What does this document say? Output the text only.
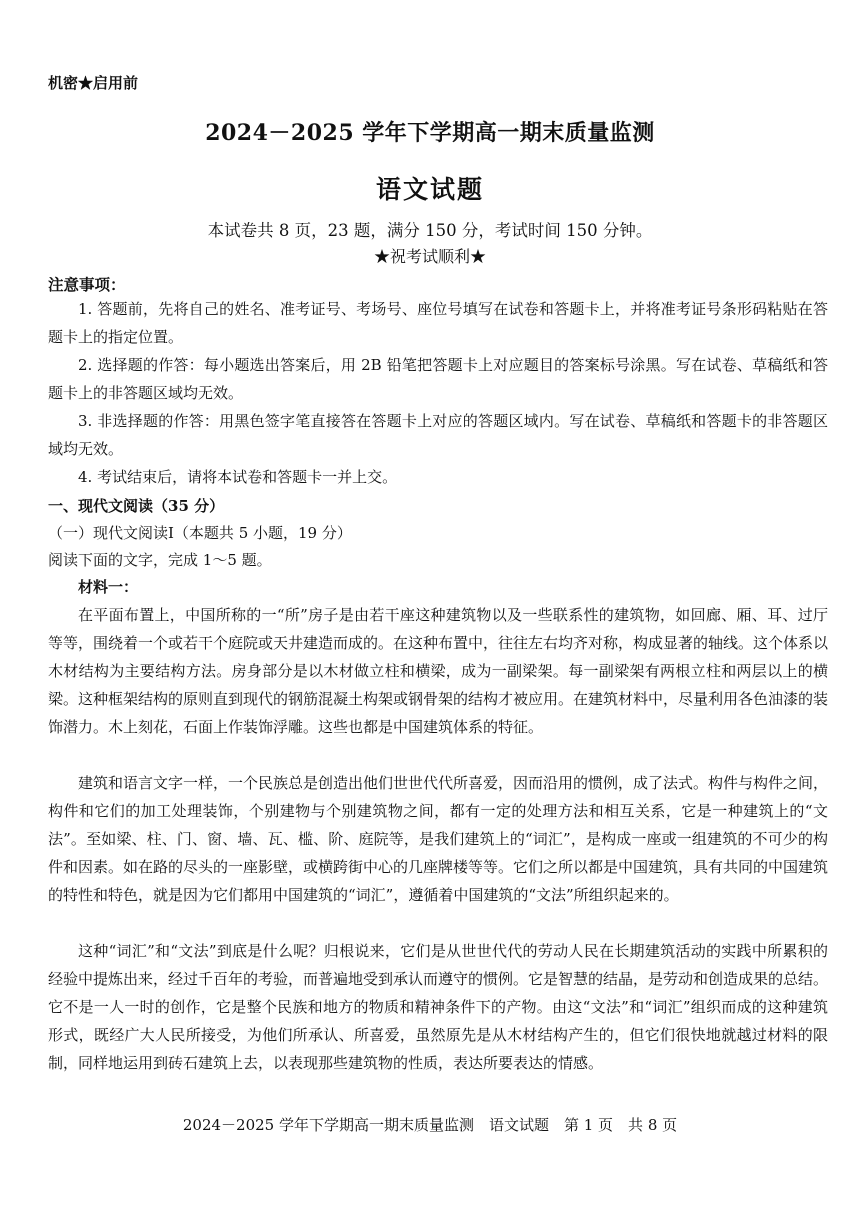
机密★启用前
2024－2025 学年下学期高一期末质量监测
语文试题
本试卷共 8 页，23 题，满分 150 分，考试时间 150 分钟。
★祝考试顺利★
注意事项：
1. 答题前，先将自己的姓名、准考证号、考场号、座位号填写在试卷和答题卡上，并将准考证号条形码粘贴在答题卡上的指定位置。
2. 选择题的作答：每小题选出答案后，用 2B 铅笔把答题卡上对应题目的答案标号涂黑。写在试卷、草稿纸和答题卡上的非答题区域均无效。
3. 非选择题的作答：用黑色签字笔直接答在答题卡上对应的答题区域内。写在试卷、草稿纸和答题卡的非答题区域均无效。
4. 考试结束后，请将本试卷和答题卡一并上交。
一、现代文阅读（35 分）
（一）现代文阅读Ⅰ（本题共 5 小题，19 分）
阅读下面的文字，完成 1～5 题。
材料一：
在平面布置上，中国所称的一“所”房子是由若干座这种建筑物以及一些联系性的建筑物，如回廊、厢、耳、过厅等等，围绕着一个或若干个庭院或天井建造而成的。在这种布置中，往往左右均齐对称，构成显著的轴线。这个体系以木材结构为主要结构方法。房身部分是以木材做立柱和横梁，成为一副梁架。每一副梁架有两根立柱和两层以上的横梁。这种框架结构的原则直到现代的钢筋混凝土构架或钢骨架的结构才被应用。在建筑材料中，尽量利用各色油漆的装饰潜力。木上刻花，石面上作装饰浮雕。这些也都是中国建筑体系的特征。
建筑和语言文字一样，一个民族总是创造出他们世世代代所喜爱，因而沿用的惯例，成了法式。构件与构件之间，构件和它们的加工处理装饰，个别建物与个别建筑物之间，都有一定的处理方法和相互关系，它是一种建筑上的“文法”。至如梁、柱、门、窗、墙、瓦、槛、阶、庭院等，是我们建筑上的“词汇”，是构成一座或一组建筑的不可少的构件和因素。如在路的尽头的一座影壁，或横跨街中心的几座牌楼等等。它们之所以都是中国建筑，具有共同的中国建筑的特性和特色，就是因为它们都用中国建筑的“词汇”，遵循着中国建筑的“文法”所组织起来的。
这种“词汇”和“文法”到底是什么呢？归根说来，它们是从世世代代的劳动人民在长期建筑活动的实践中所累积的经验中提炼出来，经过千百年的考验，而普遍地受到承认而遵守的惯例。它是智慧的结晶，是劳动和创造成果的总结。它不是一人一时的创作，它是整个民族和地方的物质和精神条件下的产物。由这“文法”和“词汇”组织而成的这种建筑形式，既经广大人民所接受，为他们所承认、所喜爱，虽然原先是从木材结构产生的，但它们很快地就越过材料的限制，同样地运用到砖石建筑上去，以表现那些建筑物的性质，表达所要表达的情感。
2024－2025 学年下学期高一期末质量监测　语文试题　第 1 页　共 8 页
